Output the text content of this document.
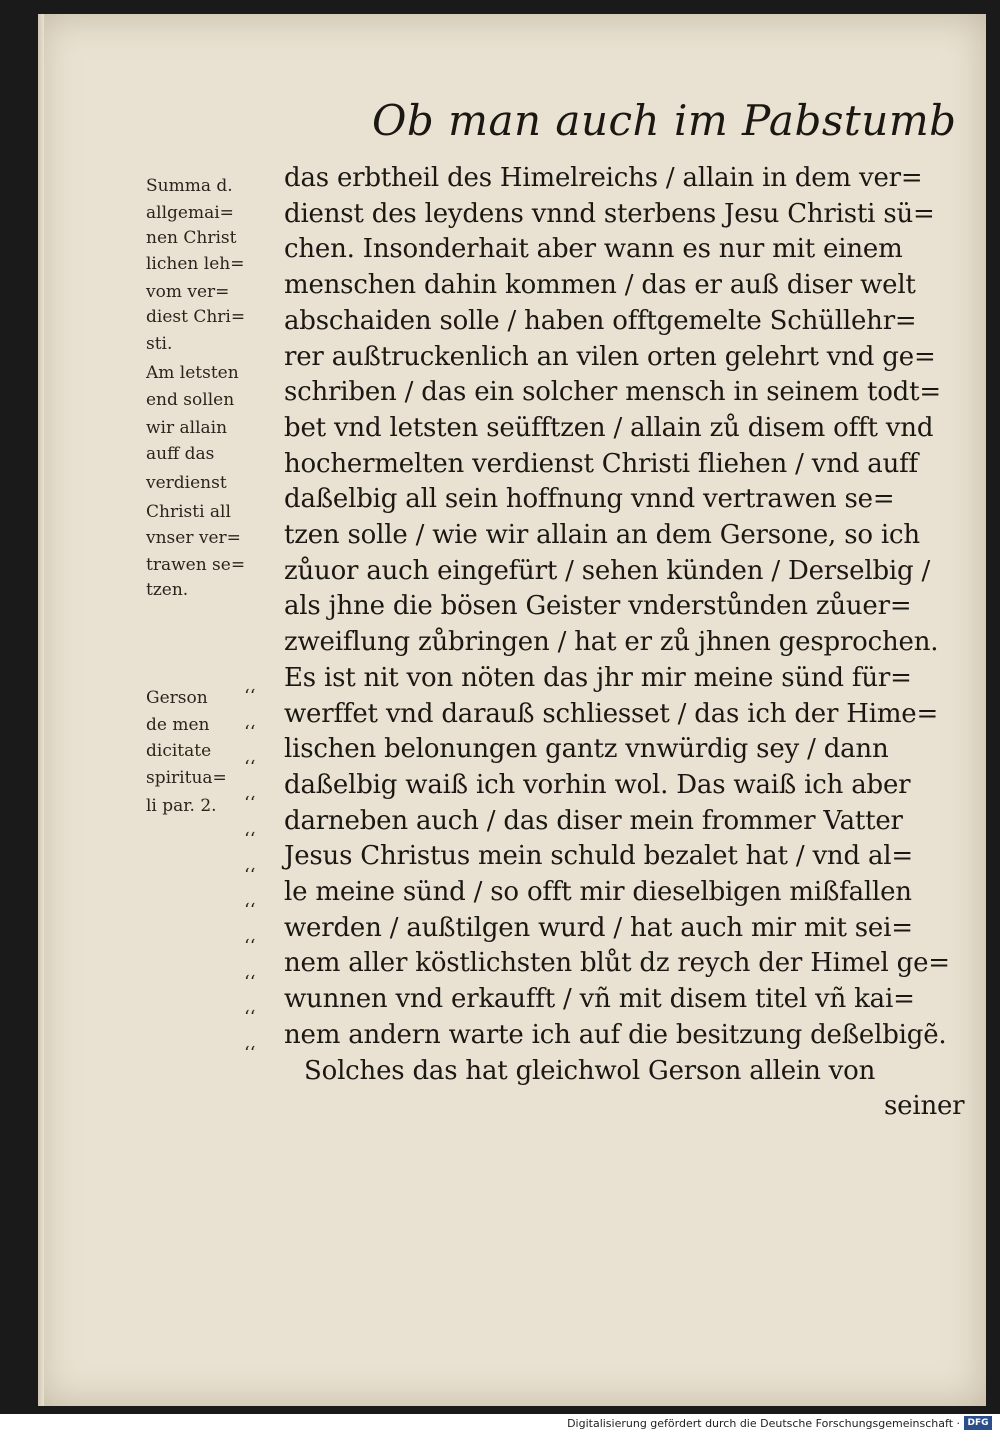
Ob man auch im Pabstumb
Summa d.
allgemai=
nen Christ
lichen leh=
vom ver=
diest Chri=
sti.
Am letsten
end sollen
wir allain
auff das
verdienst
Christi all
vnser ver=
trawen se=
tzen.
Gerson
de men
dicitate
spiritua=
li par. 2.
‘‘
‘‘
‘‘
‘‘
‘‘
‘‘
‘‘
‘‘
‘‘
‘‘
‘‘
das erbtheil des Himelreichs / allain in dem ver=
dienst des leydens vnnd sterbens Jesu Christi sü=
chen. Insonderhait aber wann es nur mit einem
menschen dahin kommen / das er auß diser welt
abschaiden solle / haben offtgemelte Schüllehr=
rer außtruckenlich an vilen orten gelehrt vnd ge=
schriben / das ein solcher mensch in seinem todt=
bet vnd letsten seüfftzen / allain zů disem offt vnd
hochermelten verdienst Christi fliehen / vnd auff
daßelbig all sein hoffnung vnnd vertrawen se=
tzen solle / wie wir allain an dem Gersone, so ich
zůuor auch eingefürt / sehen künden / Derselbig /
als jhne die bösen Geister vnderstůnden zůuer=
zweiflung zůbringen / hat er zů jhnen gesprochen.
Es ist nit von nöten das jhr mir meine sünd für=
werffet vnd darauß schliesset / das ich der Hime=
lischen belonungen gantz vnwürdig sey / dann
daßelbig waiß ich vorhin wol. Das waiß ich aber
darneben auch / das diser mein frommer Vatter
Jesus Christus mein schuld bezalet hat / vnd al=
le meine sünd / so offt mir dieselbigen mißfallen
werden / außtilgen wurd / hat auch mir mit sei=
nem aller köstlichsten blůt dz reych der Himel ge=
wunnen vnd erkaufft / vñ mit disem titel vñ kai=
nem andern warte ich auf die besitzung deßelbigẽ.
Solches das hat gleichwol Gerson allein von
seiner
Digitalisierung gefördert durch die Deutsche Forschungsgemeinschaft · DFG
